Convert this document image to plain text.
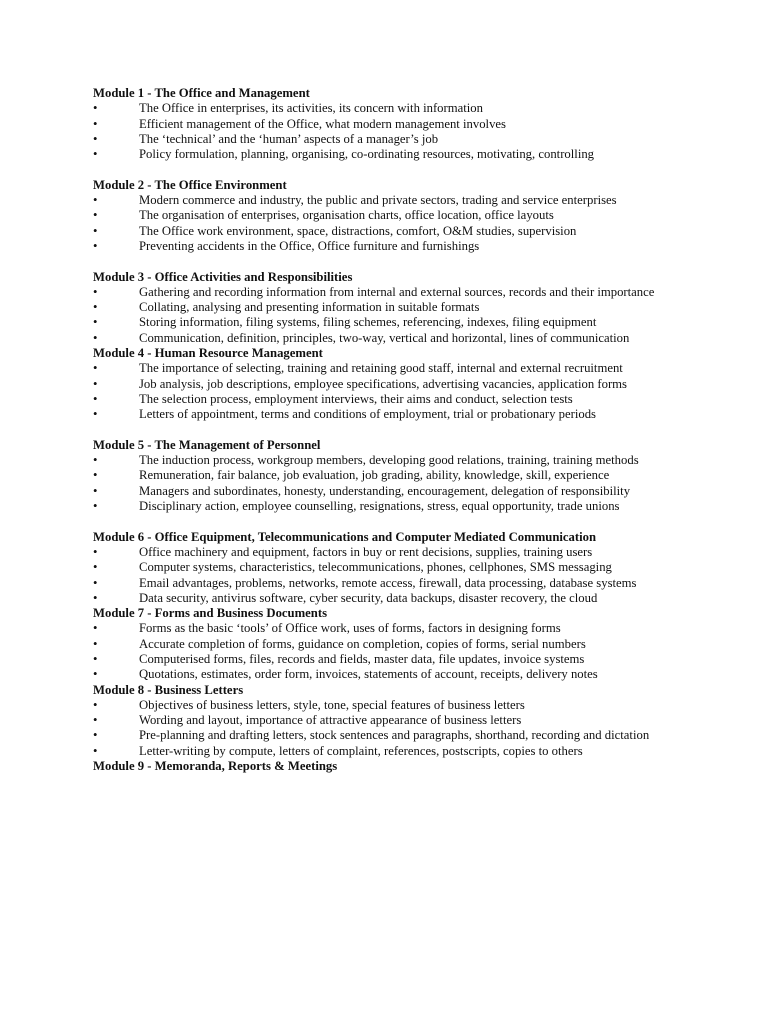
Module 1 - The Office and Management

•	The Office in enterprises, its activities, its concern with information

•	Efficient management of the Office, what modern management involves

•	The ‘technical’ and the ‘human’ aspects of a manager’s job

•	Policy formulation, planning, organising, co-ordinating resources, motivating, controlling

Module 2 - The Office Environment

•	Modern commerce and industry, the public and private sectors, trading and service enterprises

•	The organisation of enterprises, organisation charts, office location, office layouts

•	The Office work environment, space, distractions, comfort, O&M studies, supervision

•	Preventing accidents in the Office, Office furniture and furnishings

Module 3 - Office Activities and Responsibilities

•	Gathering and recording information from internal and external sources, records and their importance

•	Collating, analysing and presenting information in suitable formats

•	Storing information, filing systems, filing schemes, referencing, indexes, filing equipment

•	Communication, definition, principles, two-way, vertical and horizontal, lines of communication

Module 4 - Human Resource Management

•	The importance of selecting, training and retaining good staff, internal and external recruitment

•	Job analysis, job descriptions, employee specifications, advertising vacancies, application forms

•	The selection process, employment interviews, their aims and conduct, selection tests

•	Letters of appointment, terms and conditions of employment, trial or probationary periods

Module 5 - The Management of Personnel

•	The induction process, workgroup members, developing good relations, training, training methods

•	Remuneration, fair balance, job evaluation, job grading, ability, knowledge, skill, experience

•	Managers and subordinates, honesty, understanding, encouragement, delegation of responsibility

•	Disciplinary action, employee counselling, resignations, stress, equal opportunity, trade unions

Module 6 - Office Equipment, Telecommunications and Computer Mediated Communication

•	Office machinery and equipment, factors in buy or rent decisions, supplies, training users

•	Computer systems, characteristics, telecommunications, phones, cellphones, SMS messaging

•	Email advantages, problems, networks, remote access, firewall, data processing, database systems

•	Data security, antivirus software, cyber security, data backups, disaster recovery, the cloud

Module 7 - Forms and Business Documents

•	Forms as the basic ‘tools’ of Office work, uses of forms, factors in designing forms

•	Accurate completion of forms, guidance on completion, copies of forms, serial numbers

•	Computerised forms, files, records and fields, master data, file updates, invoice systems

•	Quotations, estimates, order form, invoices, statements of account, receipts, delivery notes

Module 8 - Business Letters

•	Objectives of business letters, style, tone, special features of business letters

•	Wording and layout, importance of attractive appearance of business letters

•	Pre-planning and drafting letters, stock sentences and paragraphs, shorthand, recording and dictation

•	Letter-writing by compute, letters of complaint, references, postscripts, copies to others

Module 9 - Memoranda, Reports & Meetings
